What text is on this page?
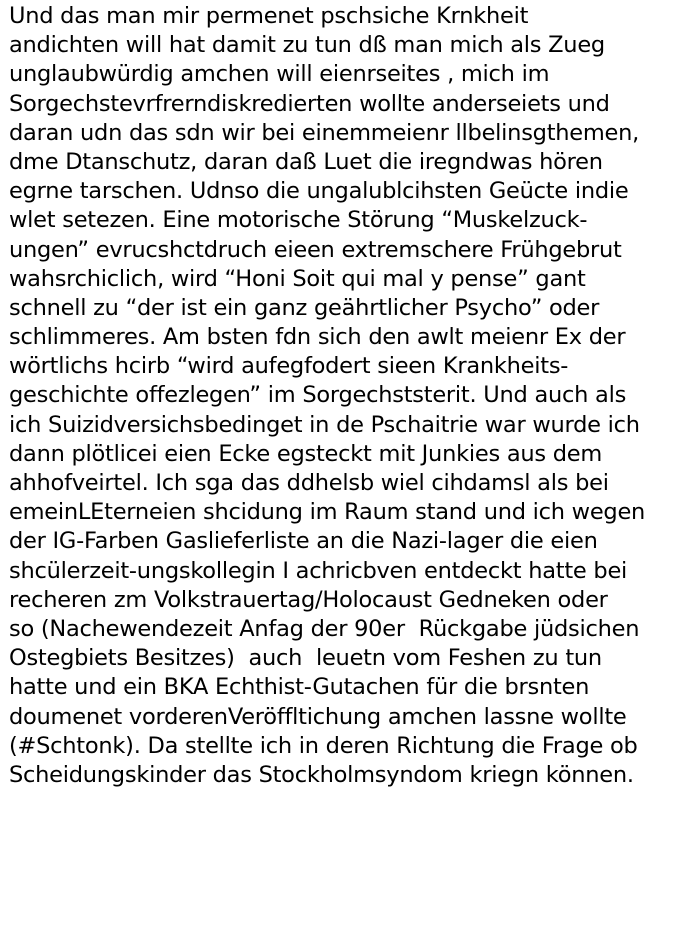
Und das man mir permenet pschsiche Krnkheit
andichten will hat damit zu tun dß man mich als Zueg
unglaubwürdig amchen will eienrseites , mich im
Sorgechstevrfrerndiskredierten wollte anderseiets und
daran udn das sdn wir bei einemmeienr llbelinsgthemen,
dme Dtanschutz, daran daß Luet die iregndwas hören
egrne tarschen. Udnso die ungalublcihsten Geücte indie
wlet setezen. Eine motorische Störung “Muskelzuck-
ungen” evrucshctdruch eieen extremschere Frühgebrut
wahsrchiclich, wird “Honi Soit qui mal y pense” gant
schnell zu “der ist ein ganz geährtlicher Psycho” oder
schlimmeres. Am bsten fdn sich den awlt meienr Ex der
wörtlichs hcirb “wird aufegfodert sieen Krankheits-
geschichte offezlegen” im Sorgechststerit. Und auch als
ich Suizidversichsbedinget in de Pschaitrie war wurde ich
dann plötlicei eien Ecke egsteckt mit Junkies aus dem
ahhofveirtel. Ich sga das ddhelsb wiel cihdamsl als bei
emeinLEterneien shcidung im Raum stand und ich wegen
der IG-Farben Gaslieferliste an die Nazi-lager die eien
shcülerzeit-ungskollegin I achricbven entdeckt hatte bei
recheren zm Volkstrauertag/Holocaust Gedneken oder
so (Nachewendezeit Anfag der 90er  Rückgabe jüdsichen
Ostegbiets Besitzes)  auch  leuetn vom Feshen zu tun
hatte und ein BKA Echthist-Gutachen für die brsnten
doumenet vorderenVeröffltichung amchen lassne wollte
(#Schtonk). Da stellte ich in deren Richtung die Frage ob
Scheidungskinder das Stockholmsyndom kriegn können.
